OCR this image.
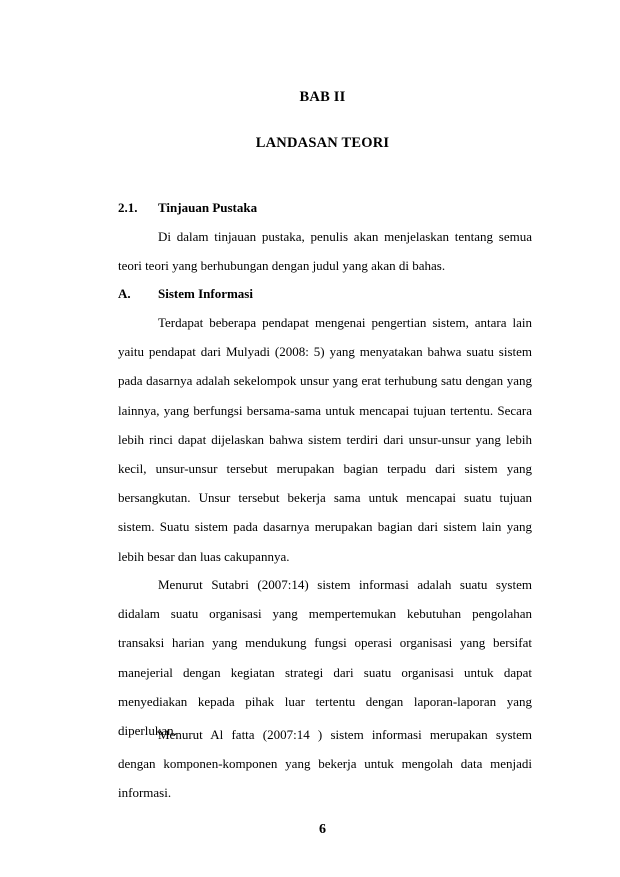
BAB II
LANDASAN TEORI
2.1. Tinjauan Pustaka
Di dalam tinjauan pustaka, penulis akan menjelaskan tentang semua teori teori yang berhubungan dengan judul yang akan di bahas.
A. Sistem Informasi
Terdapat beberapa pendapat mengenai pengertian sistem, antara lain yaitu pendapat dari Mulyadi (2008: 5) yang menyatakan bahwa suatu sistem pada dasarnya adalah sekelompok unsur yang erat terhubung satu dengan yang lainnya, yang berfungsi bersama-sama untuk mencapai tujuan tertentu. Secara lebih rinci dapat dijelaskan bahwa sistem terdiri dari unsur-unsur yang lebih kecil, unsur-unsur tersebut merupakan bagian terpadu dari sistem yang bersangkutan. Unsur tersebut bekerja sama untuk mencapai suatu tujuan sistem. Suatu sistem pada dasarnya merupakan bagian dari sistem lain yang lebih besar dan luas cakupannya.
Menurut Sutabri (2007:14) sistem informasi adalah suatu system didalam suatu organisasi yang mempertemukan kebutuhan pengolahan transaksi harian yang mendukung fungsi operasi organisasi yang bersifat manejerial dengan kegiatan strategi dari suatu organisasi untuk dapat menyediakan kepada pihak luar tertentu dengan laporan-laporan yang diperlukan.
Menurut Al fatta (2007:14 ) sistem informasi merupakan system dengan komponen-komponen yang bekerja untuk mengolah data menjadi informasi.
6
